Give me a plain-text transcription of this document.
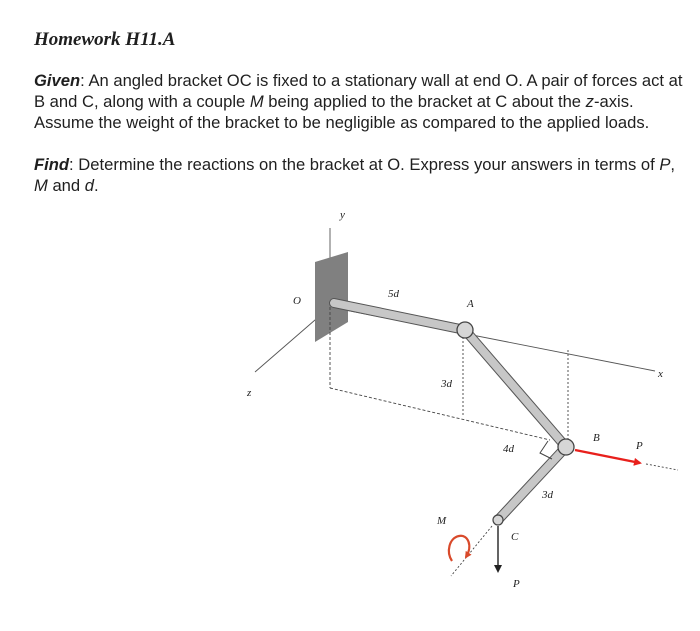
Homework H11.A

Given: An angled bracket OC is fixed to a stationary wall at end O. A pair of forces act at B and C, along with a couple M being applied to the bracket at C about the z-axis. Assume the weight of the bracket to be negligible as compared to the applied loads.

Find: Determine the reactions on the bracket at O. Express your answers in terms of P, M and d.

y
x
z
O
5d
A
3d
4d
B
P
3d
M
C
P
